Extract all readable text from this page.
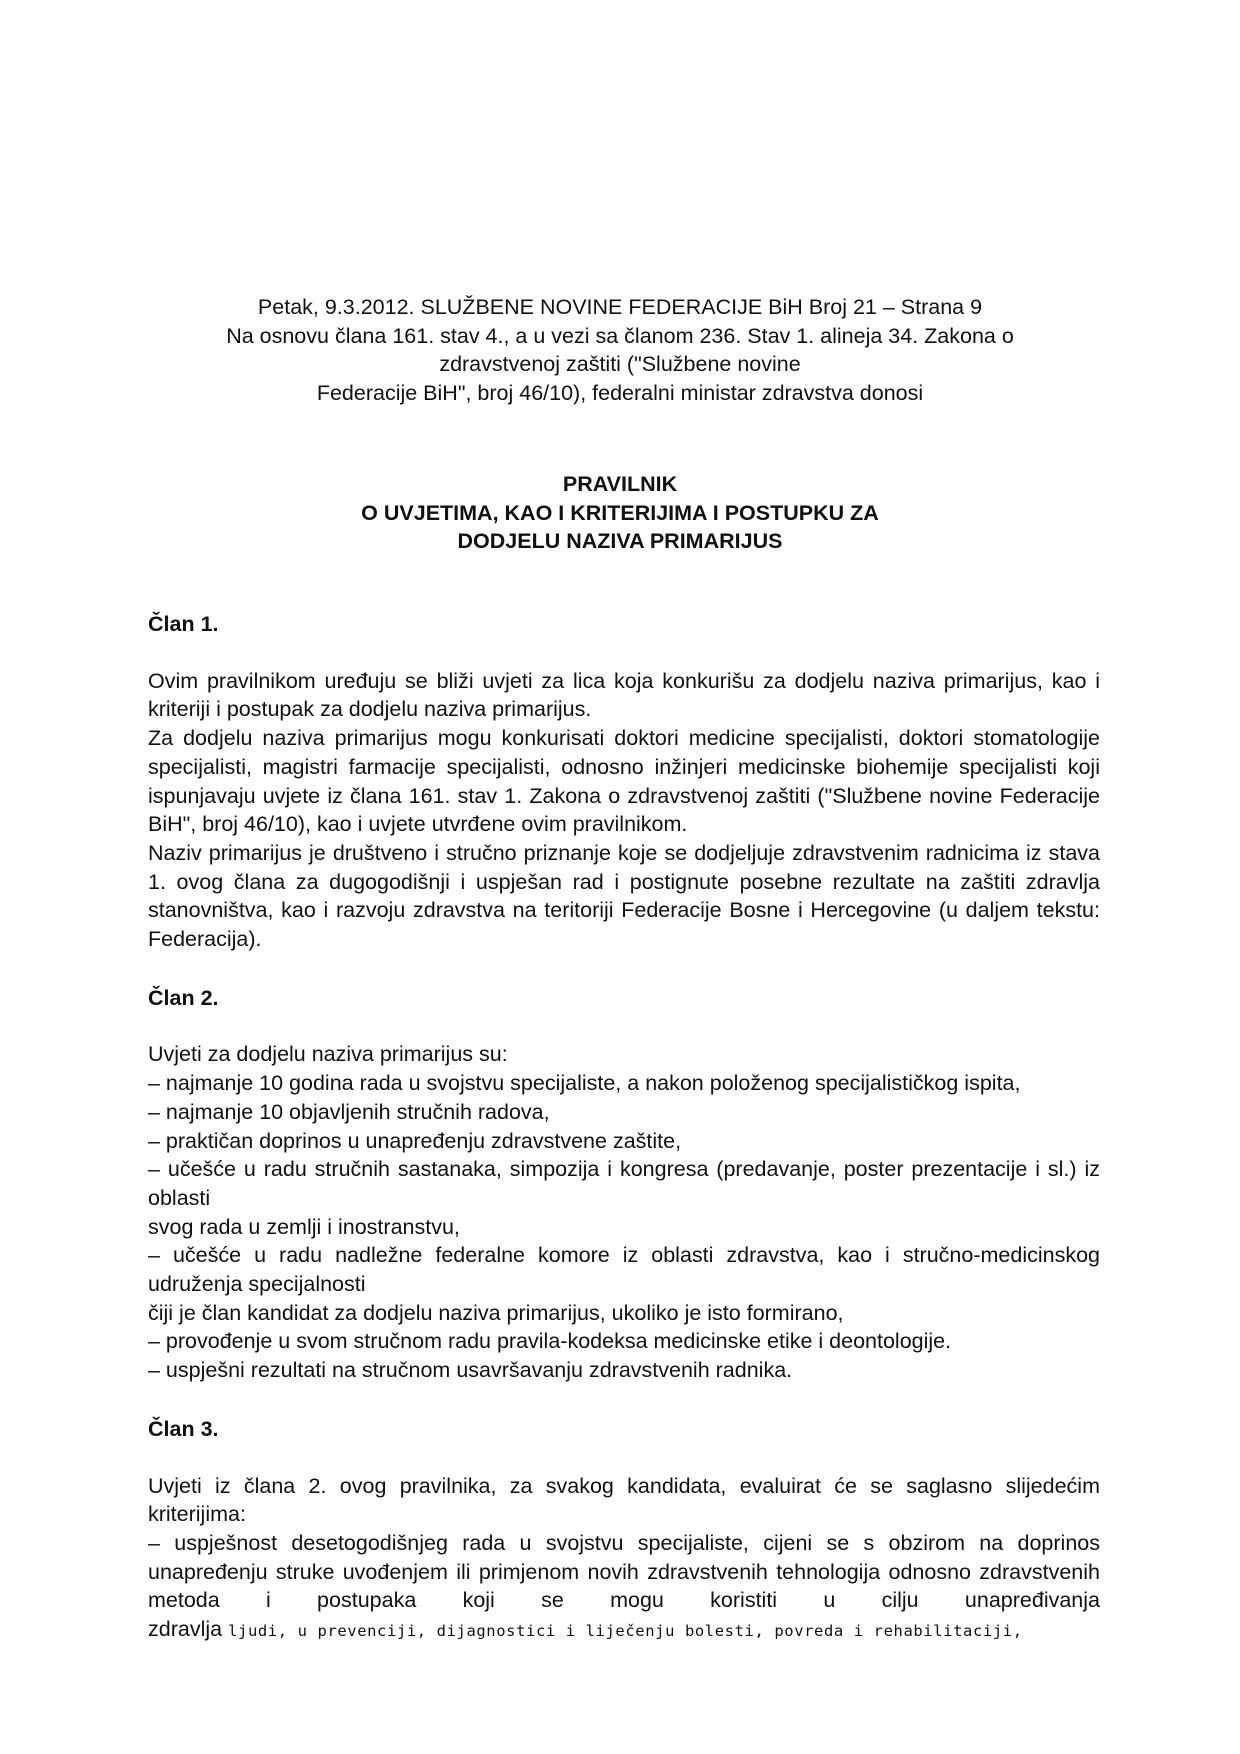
Petak, 9.3.2012. SLUŽBENE NOVINE FEDERACIJE BiH Broj 21 – Strana 9
Na osnovu člana 161. stav 4., a u vezi sa članom 236. Stav 1. alineja 34. Zakona o
zdravstvenoj zaštiti ("Službene novine
Federacije BiH", broj 46/10), federalni ministar zdravstva donosi
PRAVILNIK
O UVJETIMA, KAO I KRITERIJIMA I POSTUPKU ZA
DODJELU NAZIVA PRIMARIJUS
Član 1.
Ovim pravilnikom uređuju se bliži uvjeti za lica koja konkurišu za dodjelu naziva primarijus, kao i kriteriji i postupak za dodjelu naziva primarijus.
Za dodjelu naziva primarijus mogu konkurisati doktori medicine specijalisti, doktori stomatologije specijalisti, magistri farmacije specijalisti, odnosno inžinjeri medicinske biohemije specijalisti koji ispunjavaju uvjete iz člana 161. stav 1. Zakona o zdravstvenoj zaštiti ("Službene novine Federacije BiH", broj 46/10), kao i uvjete utvrđene ovim pravilnikom.
Naziv primarijus je društveno i stručno priznanje koje se dodjeljuje zdravstvenim radnicima iz stava 1. ovog člana za dugogodišnji i uspješan rad i postignute posebne rezultate na zaštiti zdravlja stanovništva, kao i razvoju zdravstva na teritoriji Federacije Bosne i Hercegovine (u daljem tekstu: Federacija).
Član 2.
Uvjeti za dodjelu naziva primarijus su:
– najmanje 10 godina rada u svojstvu specijaliste, a nakon položenog specijalističkog ispita,
– najmanje 10 objavljenih stručnih radova,
– praktičan doprinos u unapređenju zdravstvene zaštite,
– učešće u radu stručnih sastanaka, simpozija i kongresa (predavanje, poster prezentacije i sl.) iz oblasti
svog rada u zemlji i inostranstvu,
– učešće u radu nadležne federalne komore iz oblasti zdravstva, kao i stručno-medicinskog udruženja specijalnosti
čiji je član kandidat za dodjelu naziva primarijus, ukoliko je isto formirano,
– provođenje u svom stručnom radu pravila-kodeksa medicinske etike i deontologije.
– uspješni rezultati na stručnom usavršavanju zdravstvenih radnika.
Član 3.
Uvjeti iz člana 2. ovog pravilnika, za svakog kandidata, evaluirat će se saglasno slijedećim kriterijima:
– uspješnost desetogodišnjeg rada u svojstvu specijaliste, cijeni se s obzirom na doprinos unapređenju struke uvođenjem ili primjenom novih zdravstvenih tehnologija odnosno zdravstvenih metoda i postupaka koji se mogu koristiti u cilju unapređivanja
zdravlja ljudi, u prevenciji, dijagnostici i liječenju bolesti, povreda i rehabilitaciji,
